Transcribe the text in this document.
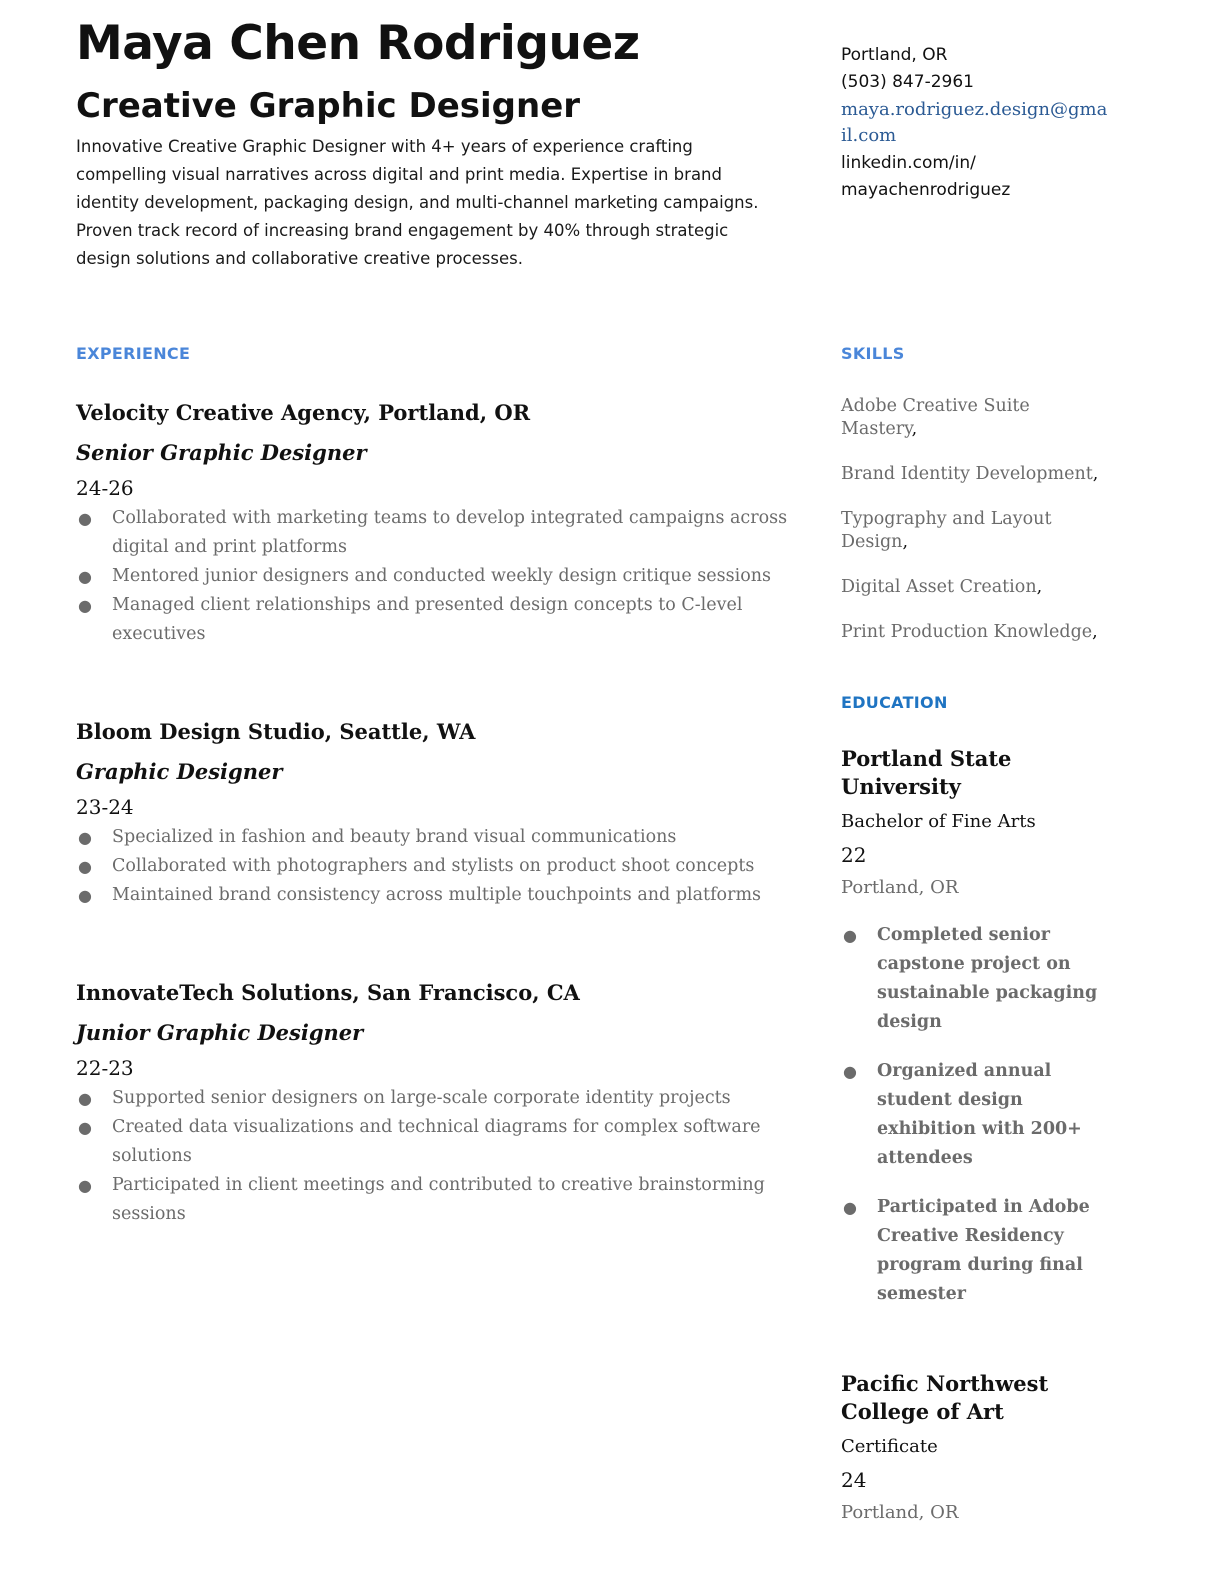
Maya Chen Rodriguez
Creative Graphic Designer
Innovative Creative Graphic Designer with 4+ years of experience crafting compelling visual narratives across digital and print media. Expertise in brand identity development, packaging design, and multi-channel marketing campaigns. Proven track record of increasing brand engagement by 40% through strategic design solutions and collaborative creative processes.
Portland, OR
(503) 847-2961
maya.rodriguez.design@gmail.com
linkedin.com/in/ mayachenrodriguez
EXPERIENCE	SKILLS
EDUCATION
Velocity Creative Agency, Portland, OR
Senior Graphic Designer
24-26
● Collaborated with marketing teams to develop integrated campaigns across digital and print platforms
● Mentored junior designers and conducted weekly design critique sessions
● Managed client relationships and presented design concepts to C-level executives
Bloom Design Studio, Seattle, WA
Graphic Designer
23-24
● Specialized in fashion and beauty brand visual communications
● Collaborated with photographers and stylists on product shoot concepts
● Maintained brand consistency across multiple touchpoints and platforms
InnovateTech Solutions, San Francisco, CA
Junior Graphic Designer
22-23
● Supported senior designers on large-scale corporate identity projects
● Created data visualizations and technical diagrams for complex software solutions
● Participated in client meetings and contributed to creative brainstorming sessions
Adobe Creative Suite Mastery,
Brand Identity Development,
Typography and Layout Design,
Digital Asset Creation,
Print Production Knowledge,
Portland State University
Bachelor of Fine Arts
22
Portland, OR
● Completed senior capstone project on sustainable packaging design
● Organized annual student design exhibition with 200+ attendees
● Participated in Adobe Creative Residency program during final semester
Pacific Northwest College of Art
Certificate
24
Portland, OR
